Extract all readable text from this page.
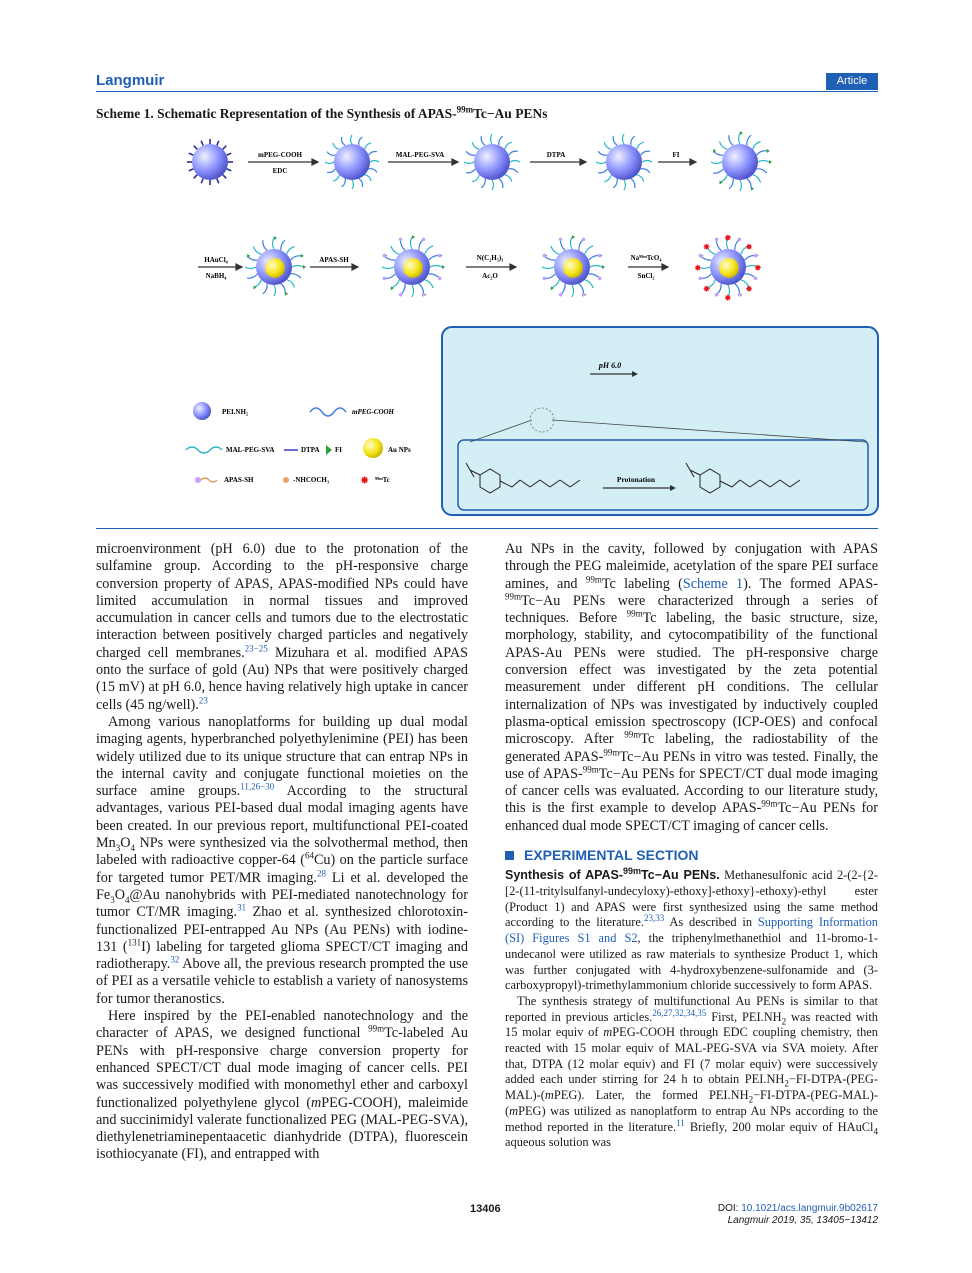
Langmuir	Article
Scheme 1. Schematic Representation of the Synthesis of APAS-$^{99m}$Tc−Au PENs
✸
✸
✸
✸
✸
✸
✸
✸
mPEG-COOH
EDC
MAL-PEG-SVA	DTPA	FI
HAuCl₄
NaBH₄
APAS-SH	N(C₂H₅)₃
Ac₂O
Na⁹⁹ᵐTcO₄
SnCl₂
pH 6.0
Protonation
PEI.NH₂	mPEG-COOH
MAL-PEG-SVA	DTPA FI	Au NPs
APAS-SH	-NHCOCH₃	✸ ⁹⁹ᵐTc

microenvironment (pH 6.0) due to the protonation of the sulfamine group. According to the pH-responsive charge conversion property of APAS, APAS-modified NPs could have limited accumulation in normal tissues and improved accumulation in cancer cells and tumors due to the electrostatic interaction between positively charged particles and negatively charged cell membranes.$^{23-25}$ Mizuhara et al. modified APAS onto the surface of gold (Au) NPs that were positively charged (15 mV) at pH 6.0, hence having relatively high uptake in cancer cells (45 ng/well).$^{23}$

Among various nanoplatforms for building up dual modal imaging agents, hyperbranched polyethylenimine (PEI) has been widely utilized due to its unique structure that can entrap NPs in the internal cavity and conjugate functional moieties on the surface amine groups.$^{11,26-30}$ According to the structural advantages, various PEI-based dual modal imaging agents have been created. In our previous report, multifunctional PEI-coated $Mn_3O_4$ NPs were synthesized via the solvothermal method, then labeled with radioactive copper-64 ($^{64}$Cu) on the particle surface for targeted tumor PET/MR imaging.$^{28}$ Li et al. developed the $Fe_3O_4@Au$ nanohybrids with PEI-mediated nanotechnology for tumor CT/MR imaging.$^{31}$ Zhao et al. synthesized chlorotoxin-functionalized PEI-entrapped Au NPs (Au PENs) with iodine-131 ($^{131}$I) labeling for targeted glioma SPECT/CT imaging and radiotherapy.$^{32}$ Above all, the previous research prompted the use of PEI as a versatile vehicle to establish a variety of nanosystems for tumor theranostics.

Here inspired by the PEI-enabled nanotechnology and the character of APAS, we designed functional $^{99m}$Tc-labeled Au PENs with pH-responsive charge conversion property for enhanced SPECT/CT dual mode imaging of cancer cells. PEI was successively modified with monomethyl ether and carboxyl functionalized polyethylene glycol (mPEG-COOH), maleimide and succinimidyl valerate functionalized PEG (MAL-PEG-SVA), diethylenetriaminepentaacetic dianhydride (DTPA), fluorescein isothiocyanate (FI), and entrapped with

Au NPs in the cavity, followed by conjugation with APAS through the PEG maleimide, acetylation of the spare PEI surface amines, and $^{99m}$Tc labeling (Scheme 1). The formed APAS-$^{99m}$Tc−Au PENs were characterized through a series of techniques. Before $^{99m}$Tc labeling, the basic structure, size, morphology, stability, and cytocompatibility of the functional APAS-Au PENs were studied. The pH-responsive charge conversion effect was investigated by the zeta potential measurement under different pH conditions. The cellular internalization of NPs was investigated by inductively coupled plasma-optical emission spectroscopy (ICP-OES) and confocal microscopy. After $^{99m}$Tc labeling, the radiostability of the generated APAS-$^{99m}$Tc−Au PENs in vitro was tested. Finally, the use of APAS-$^{99m}$Tc−Au PENs for SPECT/CT dual mode imaging of cancer cells was evaluated. According to our literature study, this is the first example to develop APAS-$^{99m}$Tc−Au PENs for enhanced dual mode SPECT/CT imaging of cancer cells.

EXPERIMENTAL SECTION

Synthesis of APAS-$^{99m}$Tc−Au PENs. Methanesulfonic acid 2-(2-{2-[2-(11-tritylsulfanyl-undecyloxy)-ethoxy]-ethoxy}-ethoxy)-ethyl ester (Product 1) and APAS were first synthesized using the same method according to the literature.$^{23,33}$ As described in Supporting Information (SI) Figures S1 and S2, the triphenylmethanethiol and 11-bromo-1-undecanol were utilized as raw materials to synthesize Product 1, which was further conjugated with 4-hydroxybenzene-sulfonamide and (3-carboxypropyl)-trimethylammonium chloride successively to form APAS.

The synthesis strategy of multifunctional Au PENs is similar to that reported in previous articles.$^{26,27,32,34,35}$ First, $PEI.NH_2$ was reacted with 15 molar equiv of mPEG-COOH through EDC coupling chemistry, then reacted with 15 molar equiv of MAL-PEG-SVA via SVA moiety. After that, DTPA (12 molar equiv) and FI (7 molar equiv) were successively added each under stirring for 24 h to obtain $PEI.NH_2-FI-DTPA-(PEG-MAL)-(mPEG)$. Later, the formed $PEI.NH_2-FI-DTPA-(PEG-MAL)-(mPEG)$ was utilized as nanoplatform to entrap Au NPs according to the method reported in the literature.$^{11}$ Briefly, 200 molar equiv of HAuCl$_4$ aqueous solution was

13406	DOI: 10.1021/acs.langmuir.9b02617
Langmuir 2019, 35, 13405−13412
